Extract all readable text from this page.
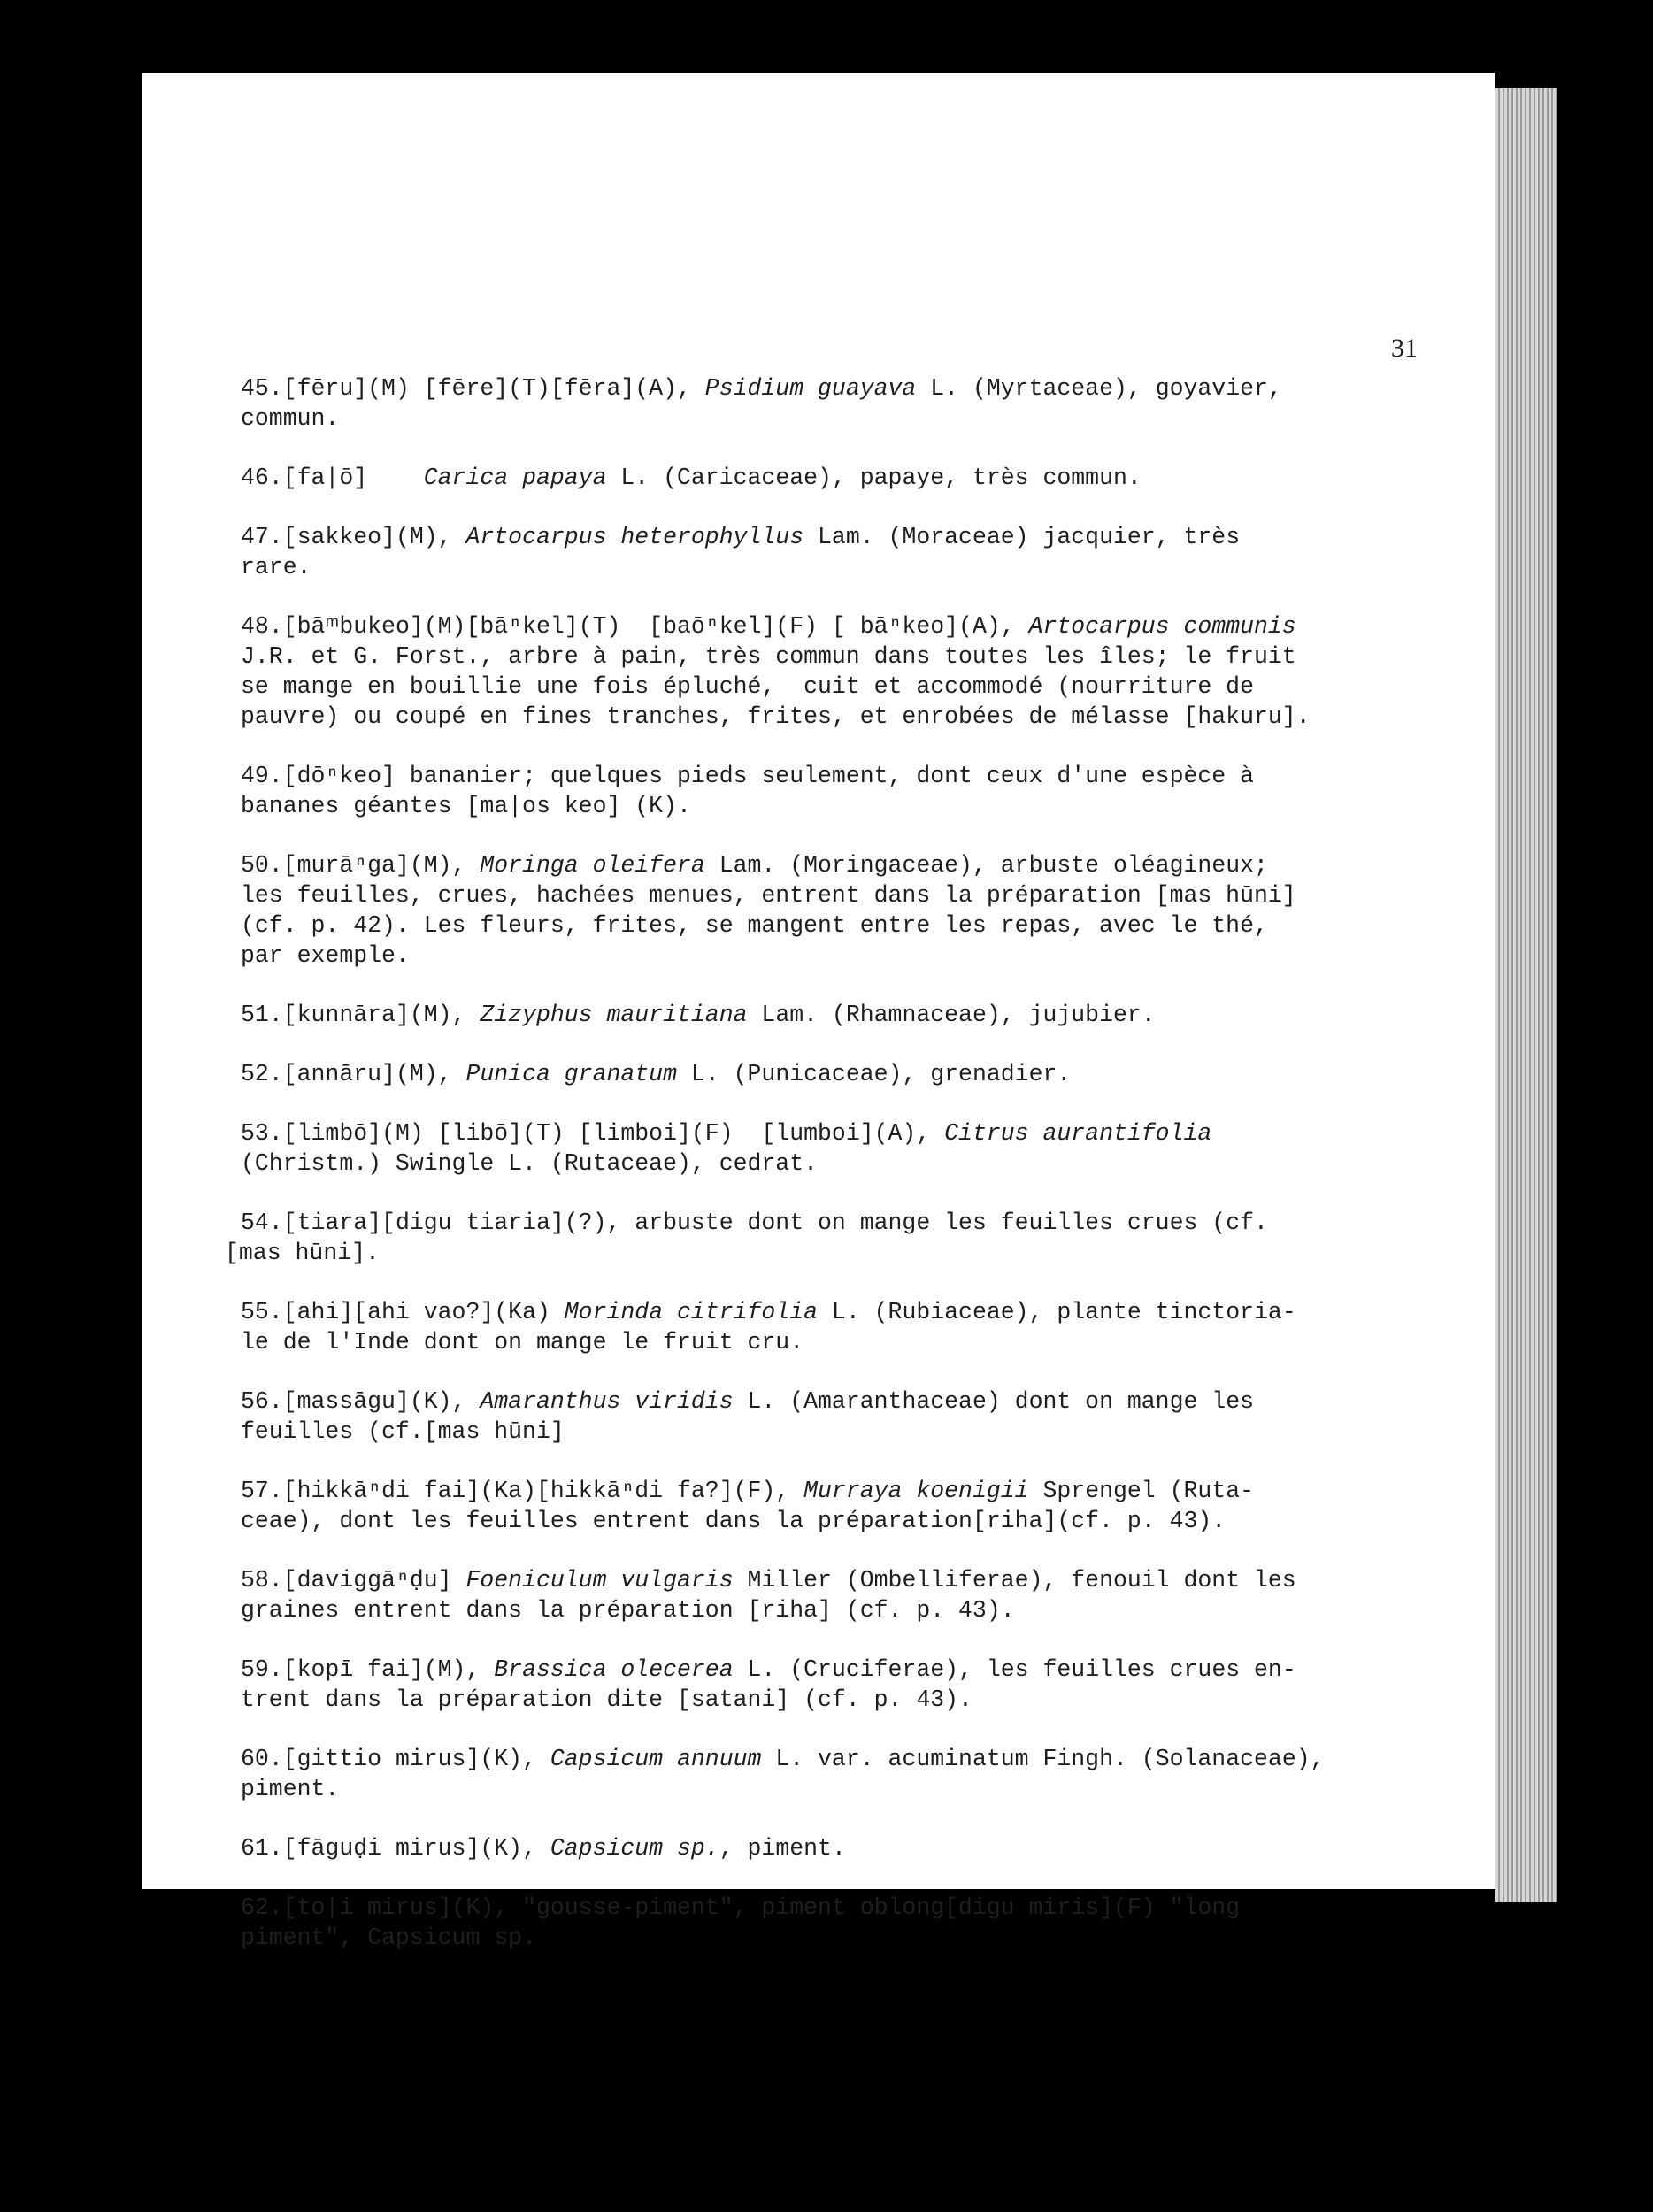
31
45.[fēru](M) [fēre](T)[fēra](A), Psidium guayava L. (Myrtaceae), goyavier,
commun.
46.[fa|ō]    Carica papaya L. (Caricaceae), papaye, très commun.
47.[sakkeo](M), Artocarpus heterophyllus Lam. (Moraceae) jacquier, très
rare.
48.[bāᵐbukeo](M)[bāⁿkel](T)  [baōⁿkel](F) [ bāⁿkeo](A), Artocarpus communis
J.R. et G. Forst., arbre à pain, très commun dans toutes les îles; le fruit
se mange en bouillie une fois épluché,  cuit et accommodé (nourriture de
pauvre) ou coupé en fines tranches, frites, et enrobées de mélasse [hakuru].
49.[dōⁿkeo] bananier; quelques pieds seulement, dont ceux d'une espèce à
bananes géantes [ma|os keo] (K).
50.[murāⁿga](M), Moringa oleifera Lam. (Moringaceae), arbuste oléagineux;
les feuilles, crues, hachées menues, entrent dans la préparation [mas hūni]
(cf. p. 42). Les fleurs, frites, se mangent entre les repas, avec le thé,
par exemple.
51.[kunnāra](M), Zizyphus mauritiana Lam. (Rhamnaceae), jujubier.
52.[annāru](M), Punica granatum L. (Punicaceae), grenadier.
53.[limbō](M) [libō](T) [limboi](F)  [lumboi](A), Citrus aurantifolia
(Christm.) Swingle L. (Rutaceae), cedrat.
54.[tiara][digu tiaria](?), arbuste dont on mange les feuilles crues (cf.
[mas hūni].
55.[ahi][ahi vao?](Ka) Morinda citrifolia L. (Rubiaceae), plante tinctoria-
le de l'Inde dont on mange le fruit cru.
56.[massāgu](K), Amaranthus viridis L. (Amaranthaceae) dont on mange les
feuilles (cf.[mas hūni]
57.[hikkāⁿdi fai](Ka)[hikkāⁿdi fa?](F), Murraya koenigii Sprengel (Ruta-
ceae), dont les feuilles entrent dans la préparation[riha](cf. p. 43).
58.[daviggāⁿḍu] Foeniculum vulgaris Miller (Ombelliferae), fenouil dont les
graines entrent dans la préparation [riha] (cf. p. 43).
59.[kopī fai](M), Brassica olecerea L. (Cruciferae), les feuilles crues en-
trent dans la préparation dite [satani] (cf. p. 43).
60.[gittio mirus](K), Capsicum annuum L. var. acuminatum Fingh. (Solanaceae),
piment.
61.[fāguḍi mirus](K), Capsicum sp., piment.
62.[to|i mirus](K), "gousse-piment", piment oblong[digu miris](F) "long
piment", Capsicum sp.
